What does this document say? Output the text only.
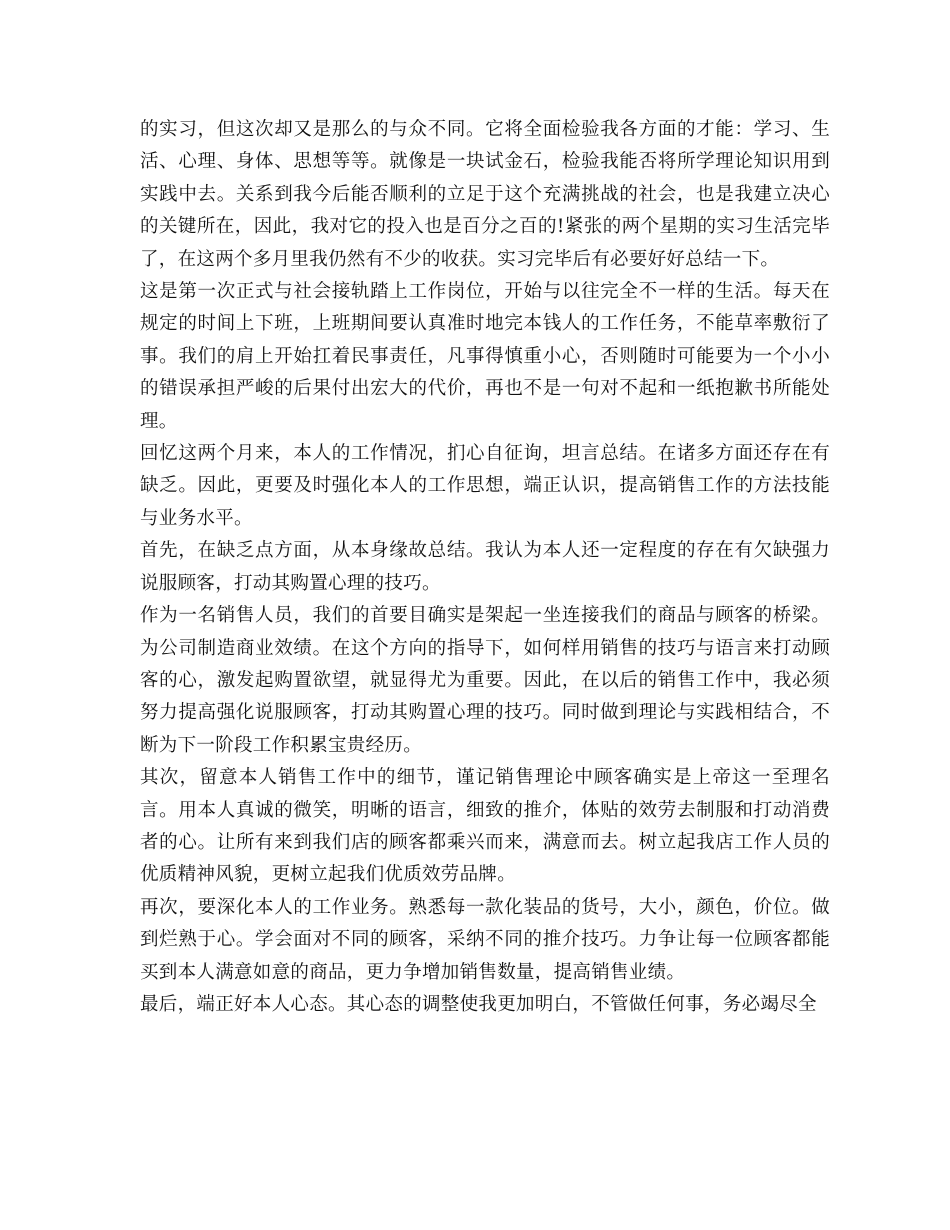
的实习，但这次却又是那么的与众不同。它将全面检验我各方面的才能：学习、生活、心理、身体、思想等等。就像是一块试金石，检验我能否将所学理论知识用到实践中去。关系到我今后能否顺利的立足于这个充满挑战的社会，也是我建立决心的关键所在，因此，我对它的投入也是百分之百的!紧张的两个星期的实习生活完毕了，在这两个多月里我仍然有不少的收获。实习完毕后有必要好好总结一下。

这是第一次正式与社会接轨踏上工作岗位，开始与以往完全不一样的生活。每天在规定的时间上下班，上班期间要认真准时地完本钱人的工作任务，不能草率敷衍了事。我们的肩上开始扛着民事责任，凡事得慎重小心，否则随时可能要为一个小小的错误承担严峻的后果付出宏大的代价，再也不是一句对不起和一纸抱歉书所能处理。

回忆这两个月来，本人的工作情况，扪心自征询，坦言总结。在诸多方面还存在有缺乏。因此，更要及时强化本人的工作思想，端正认识，提高销售工作的方法技能与业务水平。

首先，在缺乏点方面，从本身缘故总结。我认为本人还一定程度的存在有欠缺强力说服顾客，打动其购置心理的技巧。

作为一名销售人员，我们的首要目确实是架起一坐连接我们的商品与顾客的桥梁。为公司制造商业效绩。在这个方向的指导下，如何样用销售的技巧与语言来打动顾客的心，激发起购置欲望，就显得尤为重要。因此，在以后的销售工作中，我必须努力提高强化说服顾客，打动其购置心理的技巧。同时做到理论与实践相结合，不断为下一阶段工作积累宝贵经历。

其次，留意本人销售工作中的细节，谨记销售理论中顾客确实是上帝这一至理名言。用本人真诚的微笑，明晰的语言，细致的推介，体贴的效劳去制服和打动消费者的心。让所有来到我们店的顾客都乘兴而来，满意而去。树立起我店工作人员的优质精神风貌，更树立起我们优质效劳品牌。

再次，要深化本人的工作业务。熟悉每一款化装品的货号，大小，颜色，价位。做到烂熟于心。学会面对不同的顾客，采纳不同的推介技巧。力争让每一位顾客都能买到本人满意如意的商品，更力争增加销售数量，提高销售业绩。

最后，端正好本人心态。其心态的调整使我更加明白，不管做任何事，务必竭尽全
